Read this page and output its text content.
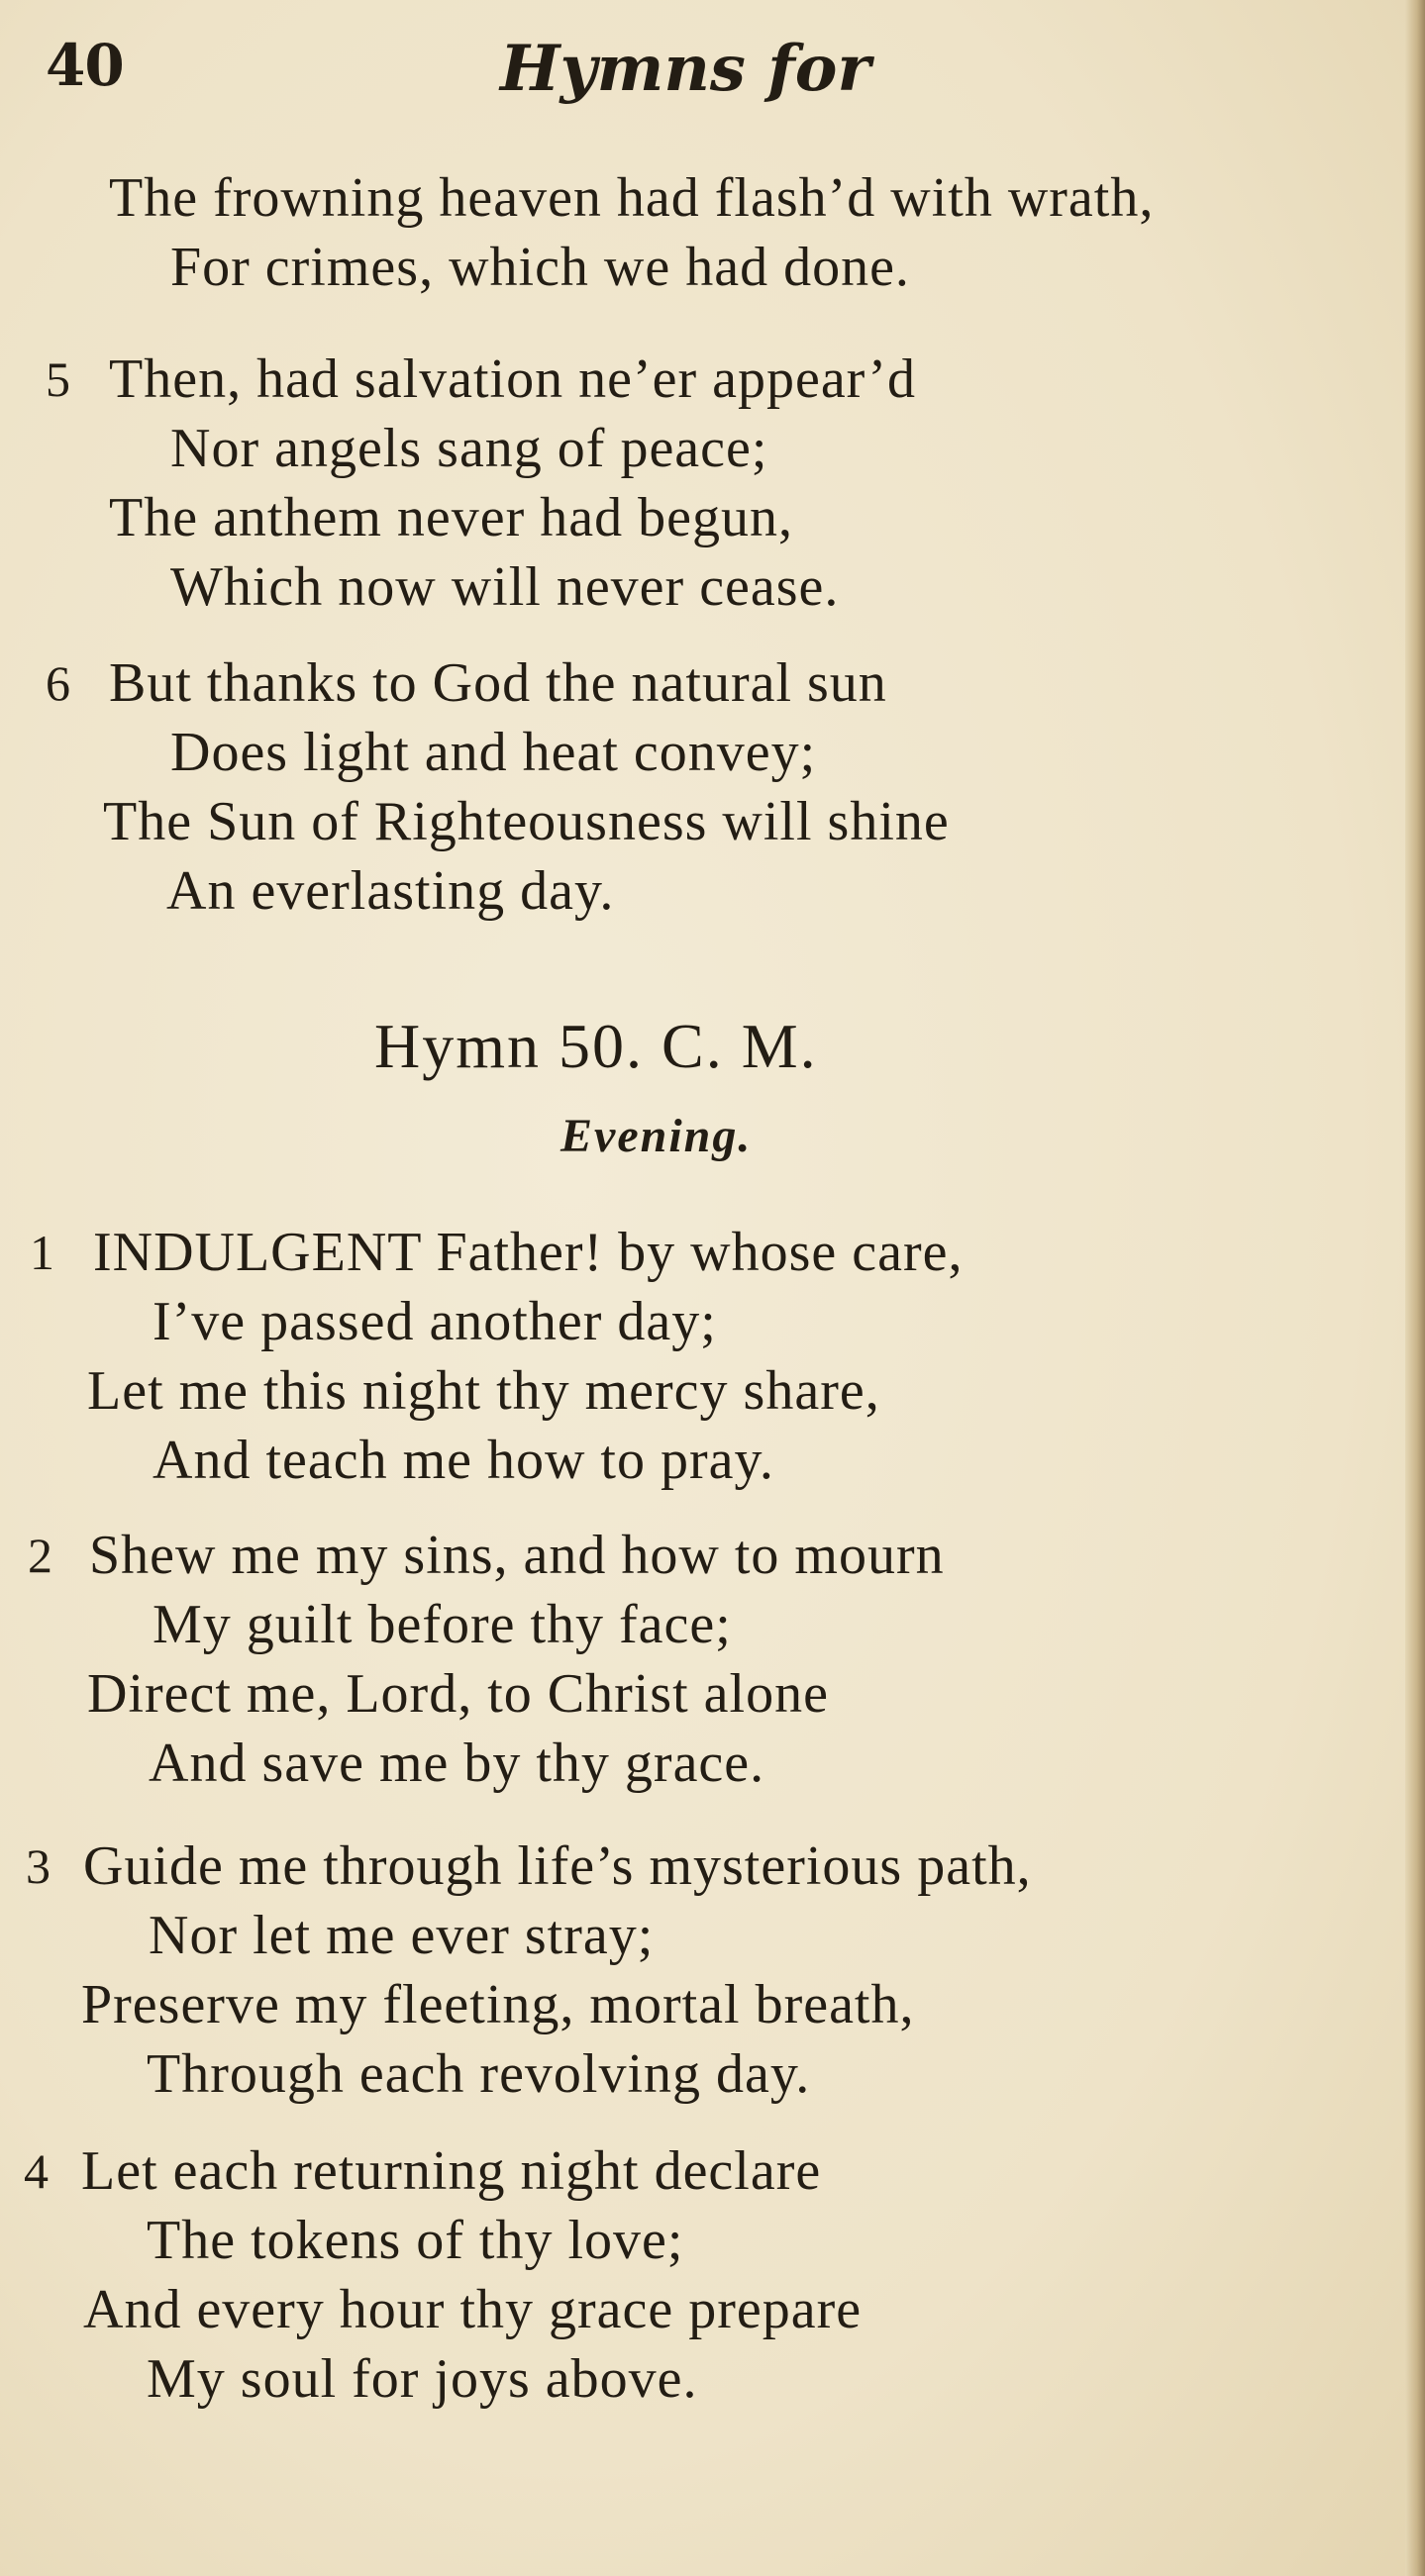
40	Hymns for
The frowning heaven had flash’d with wrath,
For crimes, which we had done.
5 Then, had salvation ne’er appear’d
Nor angels sang of peace;
The anthem never had begun,
Which now will never cease.
6 But thanks to God the natural sun
Does light and heat convey;
The Sun of Righteousness will shine
An everlasting day.
Hymn 50. C. M.
Evening.
1 INDULGENT Father! by whose care,
I’ve passed another day;
Let me this night thy mercy share,
And teach me how to pray.
2 Shew me my sins, and how to mourn
My guilt before thy face;
Direct me, Lord, to Christ alone
And save me by thy grace.
3 Guide me through life’s mysterious path,
Nor let me ever stray;
Preserve my fleeting, mortal breath,
Through each revolving day.
4 Let each returning night declare
The tokens of thy love;
And every hour thy grace prepare
My soul for joys above.
